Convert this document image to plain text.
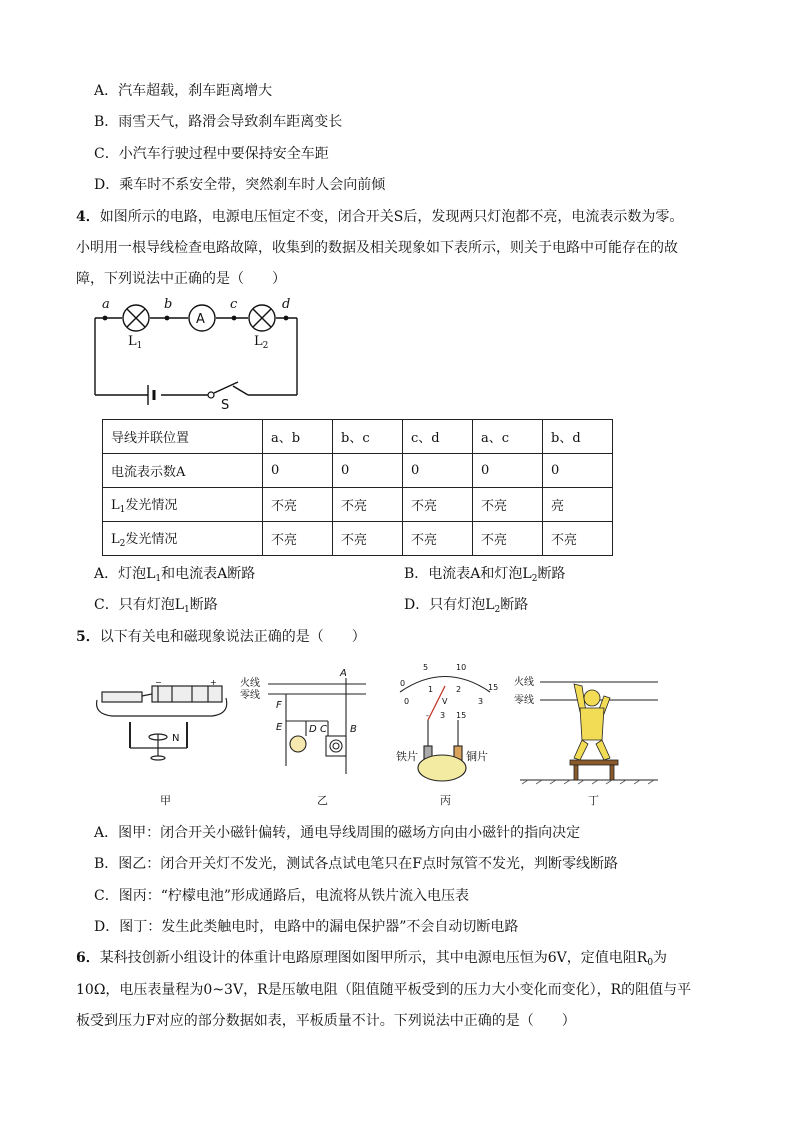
A．汽车超载，刹车距离增大
B．雨雪天气，路滑会导致刹车距离变长
C．小汽车行驶过程中要保持安全车距
D．乘车时不系安全带，突然刹车时人会向前倾
4．如图所示的电路，电源电压恒定不变，闭合开关S后，发现两只灯泡都不亮，电流表示数为零。
小明用一根导线检查电路故障，收集到的数据及相关现象如下表所示，则关于电路中可能存在的故
障，下列说法中正确的是（　　）
a	b	c	d
A
$L_1$	$L_2$
S
导线并联位置	a、b	b、c	c、d	a、c	b、d
电流表示数A	0	0	0	0	0
$L_1$发光情况	不亮	不亮	不亮	不亮	亮
$L_2$发光情况	不亮	不亮	不亮	不亮	不亮
A．灯泡$L_1$和电流表A断路	B．电流表A和灯泡$L_2$断路
C．只有灯泡$L_1$断路	D．只有灯泡$L_2$断路
5．以下有关电和磁现象说法正确的是（　　）
N
−	+
甲
火线
零线
A
F
E	D C B
乙
0
5	10
15
0
1	2
3
V
- 3 15
铁片	铜片
丙
火线
零线
丁
A．图甲：闭合开关小磁针偏转，通电导线周围的磁场方向由小磁针的指向决定
B．图乙：闭合开关灯不发光，测试各点试电笔只在F点时氖管不发光，判断零线断路
C．图丙：“柠檬电池”形成通路后，电流将从铁片流入电压表
D．图丁：发生此类触电时，电路中的漏电保护器”不会自动切断电路
6．某科技创新小组设计的体重计电路原理图如图甲所示，其中电源电压恒为6V，定值电阻$R_0$为
10Ω，电压表量程为0~3V，R是压敏电阻（阻值随平板受到的压力大小变化而变化），R的阻值与平
板受到压力F对应的部分数据如表，平板质量不计。下列说法中正确的是（　　）
